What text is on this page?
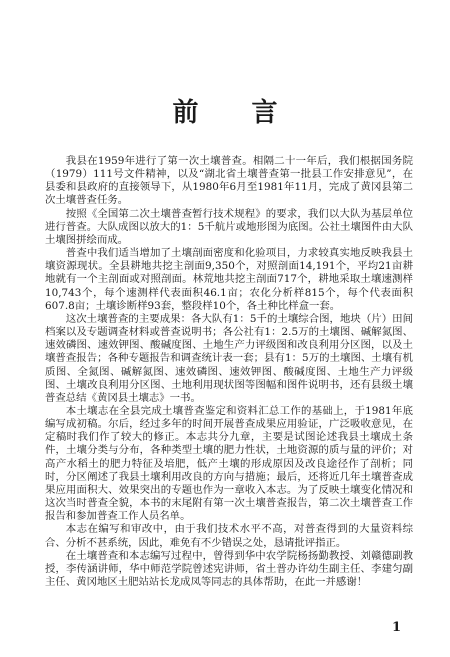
前 言

我县在1959年进行了第一次土壤普查。相隔二十一年后，我们根据国务院（1979）111号文件精神，以及“湖北省土壤普查第一批县工作安排意见”，在县委和县政府的直接领导下，从1980年6月至1981年11月，完成了黄冈县第二次土壤普查任务。

按照《全国第二次土壤普查暂行技术规程》的要求，我们以大队为基层单位进行普查。大队成图以放大的1：5千航片或地形图为底图。公社土壤图件由大队土壤图拼绘而成。

普查中我们适当增加了土壤剖面密度和化验项目，力求较真实地反映我县土壤资源现状。全县耕地共挖主剖面9,350个，对照剖面14,191个，平均21亩耕地就有一个主剖面或对照剖面。林荒地共挖主剖面717个，耕地采取土壤速测样10,743个，每个速测样代表面积46.1亩；农化分析样815个，每个代表面积607.8亩；土壤诊断样93套，整段样10个，各土种比样盒一套。

这次土壤普查的主要成果：各大队有1：5千的土壤综合图，地块（片）田间档案以及专题调查材料或普查说明书；各公社有1：2.5万的土壤图、碱解氮图、速效磷图、速效钾图、酸碱度图、土地生产力评级图和改良利用分区图，以及土壤普查报告；各种专题报告和调查统计表一套；县有1：5万的土壤图、土壤有机质图、全氮图、碱解氮图、速效磷图、速效钾图、酸碱度图、土地生产力评级图、土壤改良利用分区图、土地利用现状图等图幅和图件说明书，还有县级土壤普查总结《黄冈县土壤志》一书。

本土壤志在全县完成土壤普查鉴定和资料汇总工作的基础上，于1981年底编写成初稿。尔后，经过多年的时间开展普查成果应用验证，广泛吸收意见，在定稿时我们作了较大的修正。本志共分九章，主要是试图论述我县土壤成土条件，土壤分类与分布，各种类型土壤的肥力性状，土地资源的质与量的评价；对高产水稻土的肥力特征及培肥，低产土壤的形成原因及改良途径作了剖析；同时，分区阐述了我县土壤利用改良的方向与措施；最后，还将近几年土壤普查成果应用面积大、效果突出的专题也作为一章收入本志。为了反映土壤变化情况和这次当时普查全貌，本书的末尾附有第一次土壤普查报告，第二次土壤普查工作报告和参加普查工作人员名单。

本志在编写和审改中，由于我们技术水平不高，对普查得到的大量资料综合、分析不甚系统，因此，难免有不少错误之处，恳请批评指正。

在土壤普查和本志编写过程中，曾得到华中农学院杨扬勤教授、刘赣德副教授，李传涵讲师，华中师范学院曾述宪讲师，省土普办许幼生副主任、李建匀副主任、黄冈地区土肥站站长龙成凤等同志的具体帮助，在此一并感谢！

1
